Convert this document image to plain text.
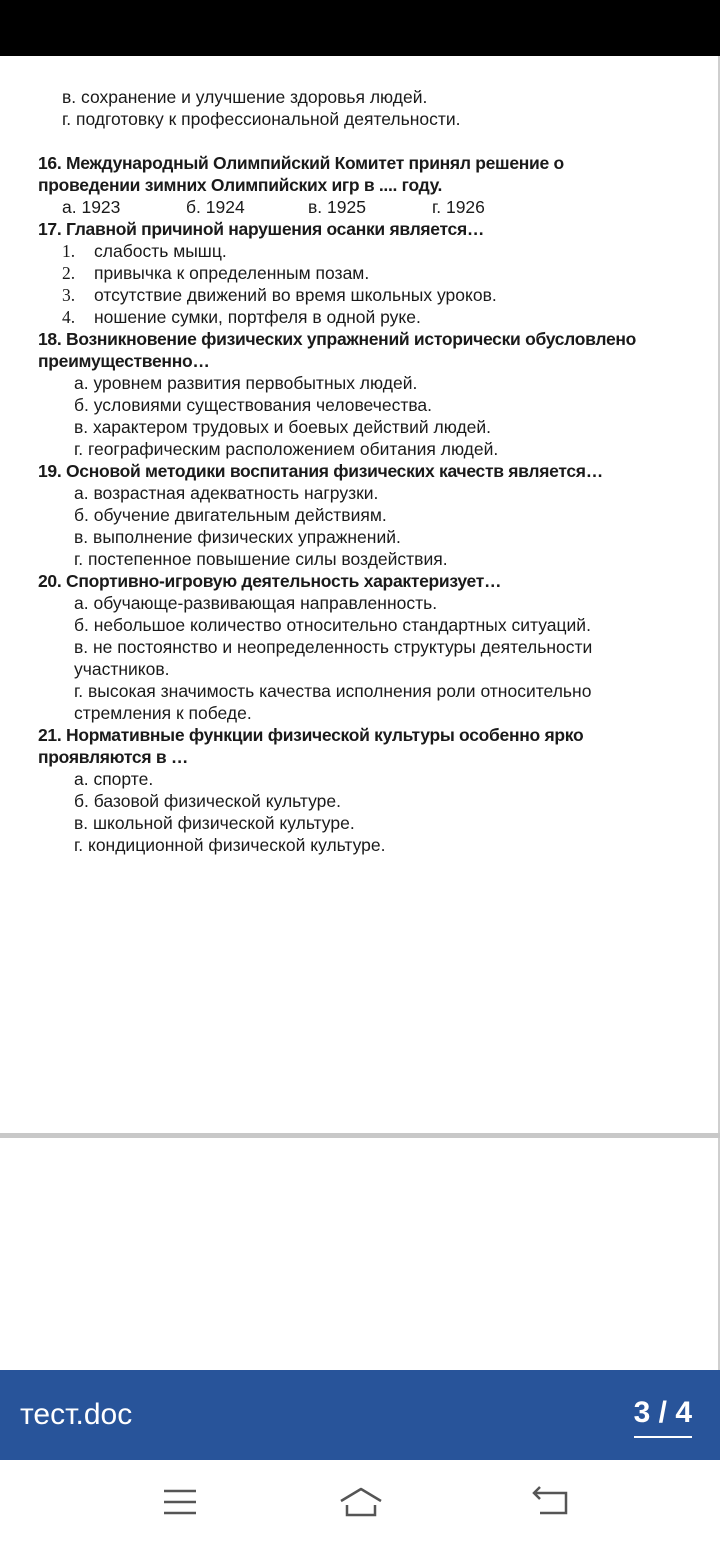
в. сохранение и улучшение здоровья людей.
г. подготовку к профессиональной деятельности.
16. Международный Олимпийский Комитет принял решение о
проведении зимних Олимпийских игр в .... году.
а. 1923	б. 1924	в. 1925	г. 1926
17. Главной причиной нарушения осанки является…
1. слабость мышц.
2. привычка к определенным позам.
3. отсутствие движений во время школьных уроков.
4. ношение сумки, портфеля в одной руке.
18. Возникновение физических упражнений исторически обусловлено
преимущественно…
а. уровнем развития первобытных людей.
б. условиями существования человечества.
в. характером трудовых и боевых действий людей.
г. географическим расположением обитания людей.
19. Основой методики воспитания физических качеств является…
а. возрастная адекватность нагрузки.
б. обучение двигательным действиям.
в. выполнение физических упражнений.
г. постепенное повышение силы воздействия.
20. Спортивно-игровую деятельность характеризует…
а. обучающе-развивающая направленность.
б. небольшое количество относительно стандартных ситуаций.
в. не постоянство и неопределенность структуры деятельности
участников.
г. высокая значимость качества исполнения роли относительно
стремления к победе.
21. Нормативные функции физической культуры особенно ярко
проявляются в …
а. спорте.
б. базовой физической культуре.
в. школьной физической культуре.
г. кондиционной физической культуре.
тест.doc	3 / 4
